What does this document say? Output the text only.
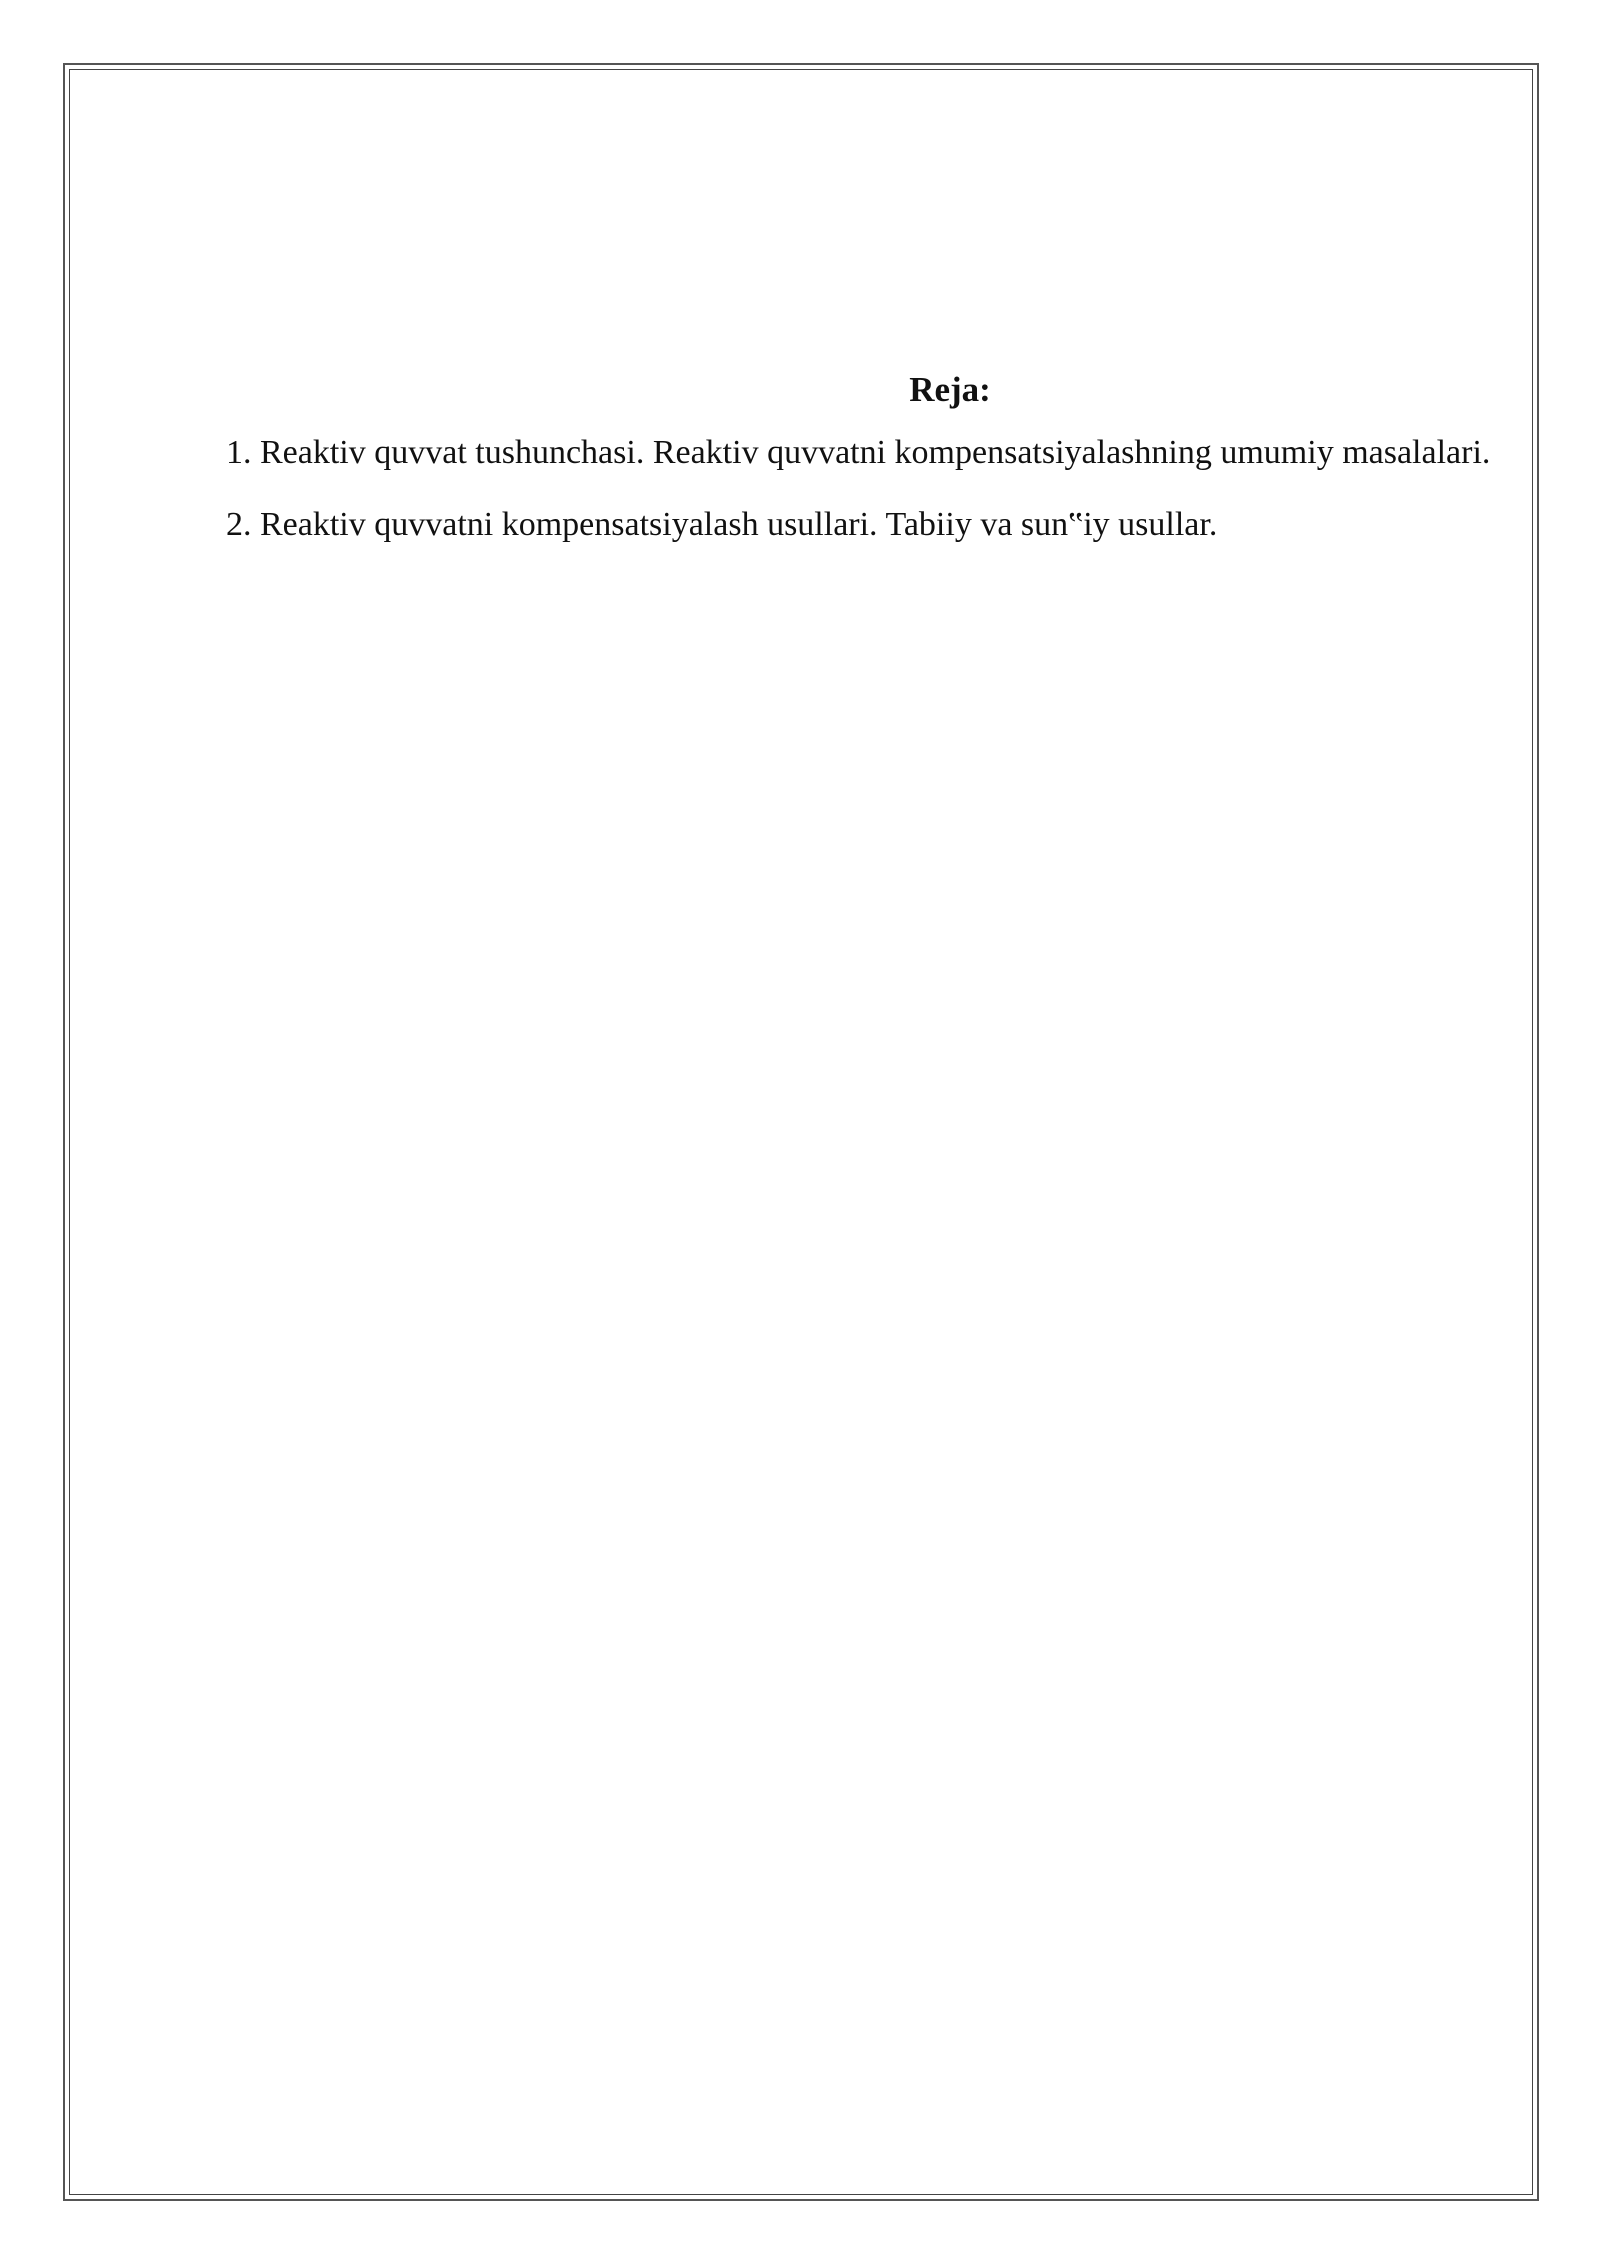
Reja:
1. Reaktiv quvvat tushunchasi. Reaktiv quvvatni kompensatsiyalashning umumiy masalalari.
2. Reaktiv quvvatni kompensatsiyalash usullari. Tabiiy va sun‟iy usullar.
